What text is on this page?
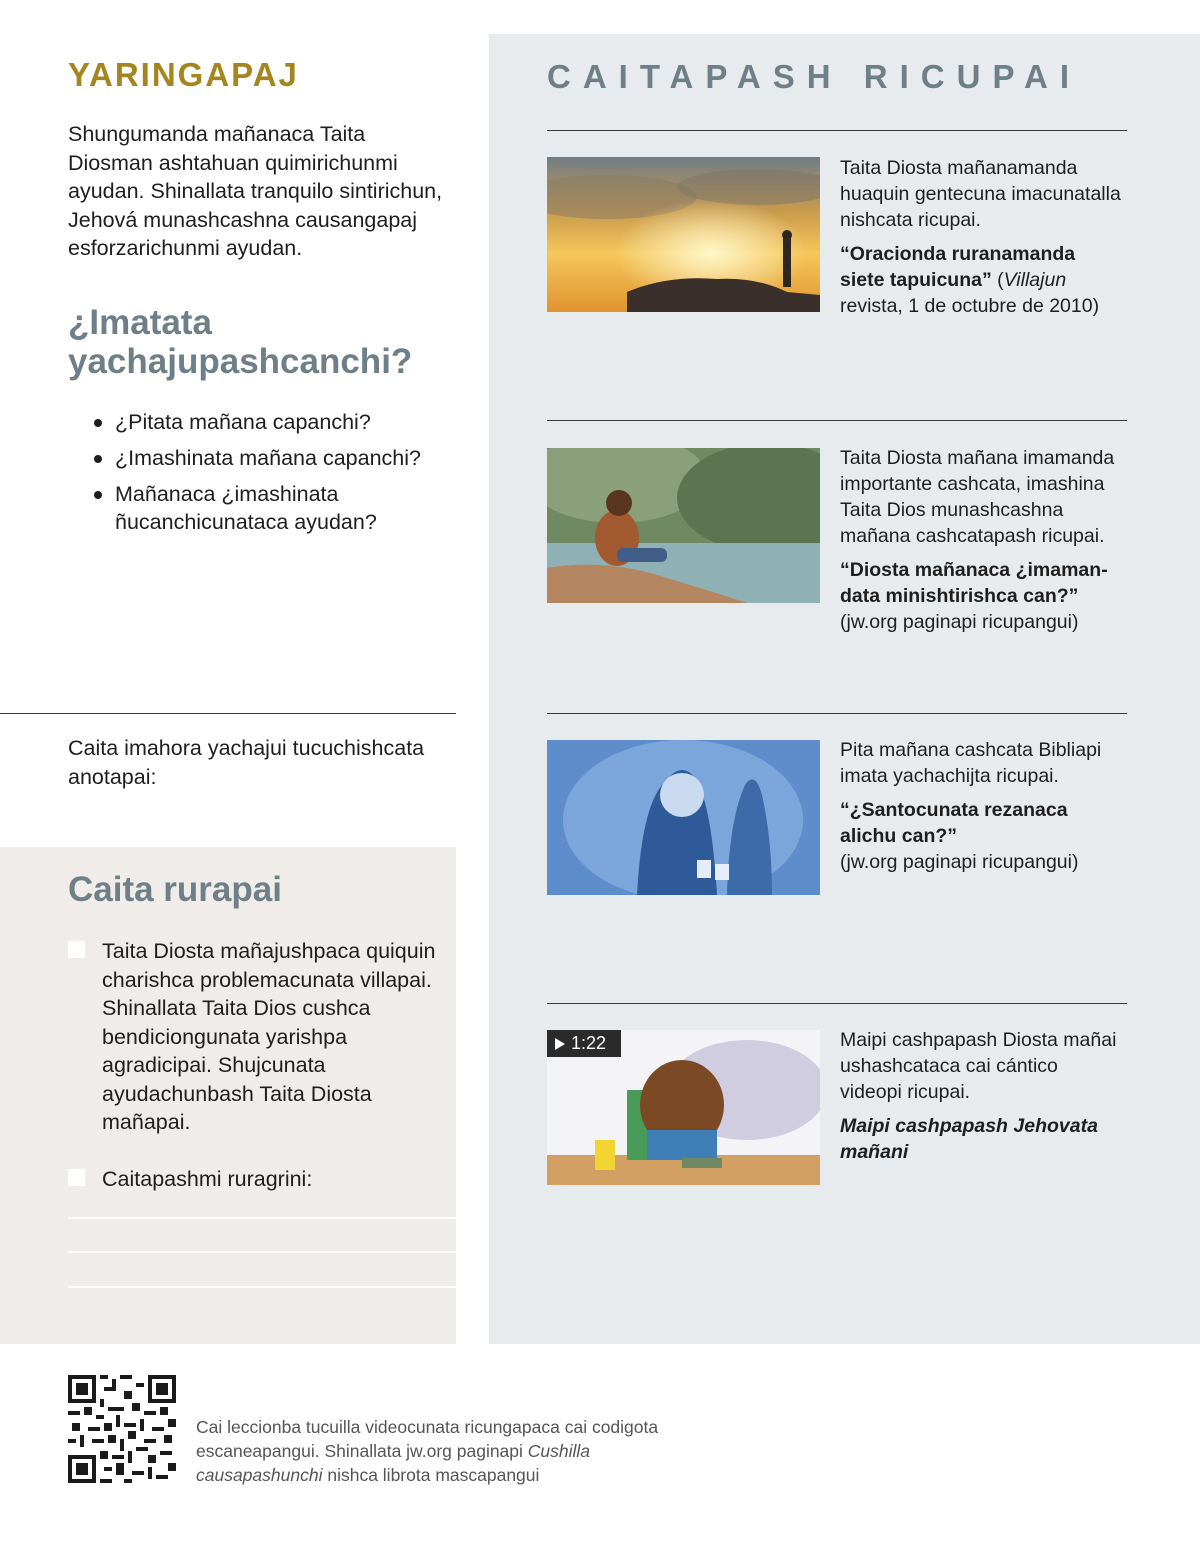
YARINGAPAJ

Shungumanda mañanaca Taita Diosman ashtahuan quimirichunmi ayudan. Shinallata tranquilo sintirichun, Jehová munashcashna causangapaj esforzarichunmi ayudan.

¿Imatata yachajupashcanchi?
¿Pitata mañana capanchi?
¿Imashinata mañana capanchi?
Mañanaca ¿imashinata ñucanchicunataca ayudan?

Caita imahora yachajui tucuchishcata anotapai:

Caita rurapai
Taita Diosta mañajushpaca quiquin charishca problemacunata villapai. Shinallata Taita Dios cushca bendiciongunata yarishpa agradicipai. Shujcunata ayudachunbash Taita Diosta mañapai.
Caitapashmi ruragrini:
CAITAPASH RICUPAI

Taita Diosta mañanamanda huaquin gentecuna imacunatalla nishcata ricupai.

“Oracionda ruranamanda siete tapuicuna” (Villajun

revista, 1 de octubre de 2010)

Taita Diosta mañana imamanda importante cashcata, imashina Taita Dios munashcashna mañana cashcatapash ricupai.

“Diosta mañanaca ¿imamandata minishtirishca can?”

(jw.org paginapi ricupangui)

Pita mañana cashcata Bibliapi imata yachachijta ricupai.

“¿Santocunata rezanaca alichu can?”

(jw.org paginapi ricupangui)

1:22	Maipi cashpapash Diosta mañai ushashcataca cai cántico videopi ricupai.

Maipi cashpapash Jehovata mañani

Cai leccionba tucuilla videocunata ricungapaca cai codigota escaneapangui. Shinallata jw.org paginapi Cushilla causapashunchi nishca librota mascapangui
